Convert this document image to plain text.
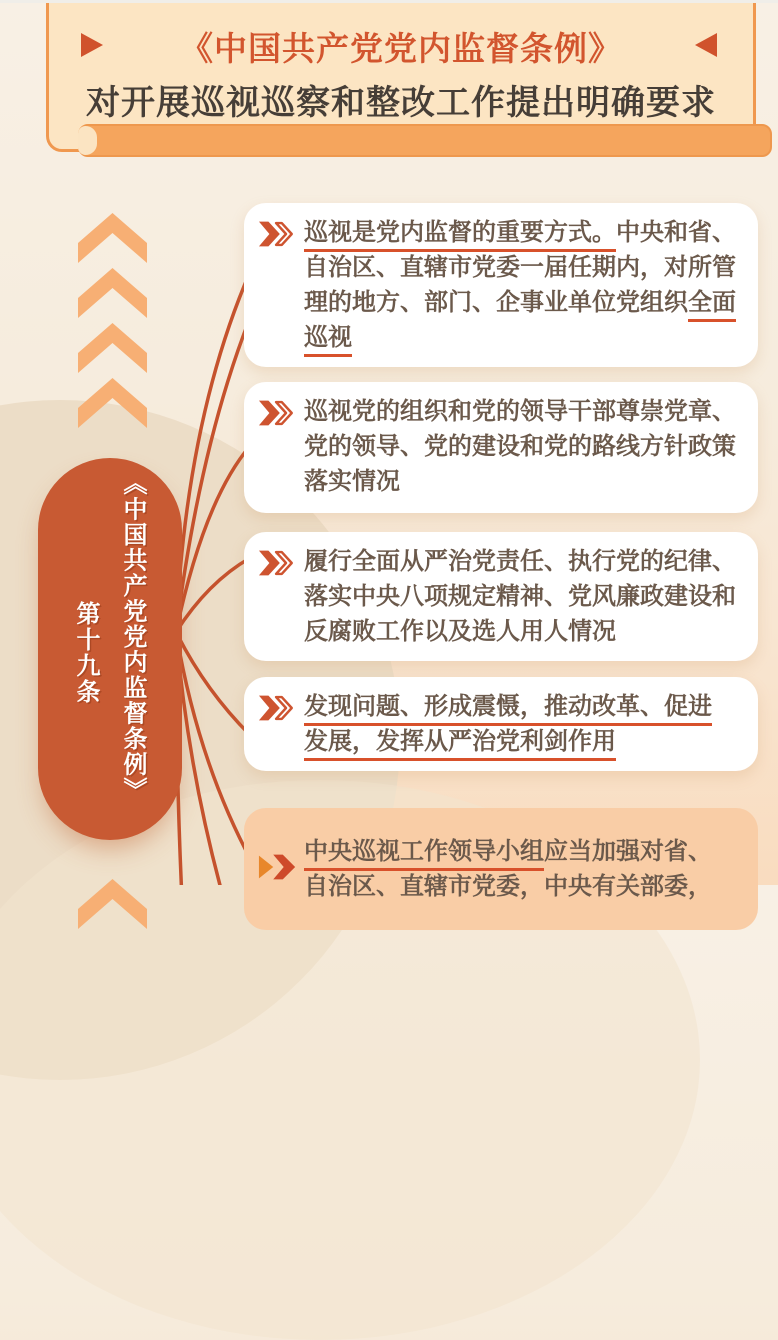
《中国共产党党内监督条例》
对开展巡视巡察和整改工作提出明确要求
《中国共产党党内监督条例》
第十九条
巡视是党内监督的重要方式。中央和省、
自治区、直辖市党委一届任期内，对所管
理的地方、部门、企事业单位党组织全面
巡视
巡视党的组织和党的领导干部尊崇党章、
党的领导、党的建设和党的路线方针政策
落实情况
履行全面从严治党责任、执行党的纪律、
落实中央八项规定精神、党风廉政建设和
反腐败工作以及选人用人情况
发现问题、形成震慑，推动改革、促进
发展，发挥从严治党利剑作用
中央巡视工作领导小组应当加强对省、
自治区、直辖市党委，中央有关部委，
